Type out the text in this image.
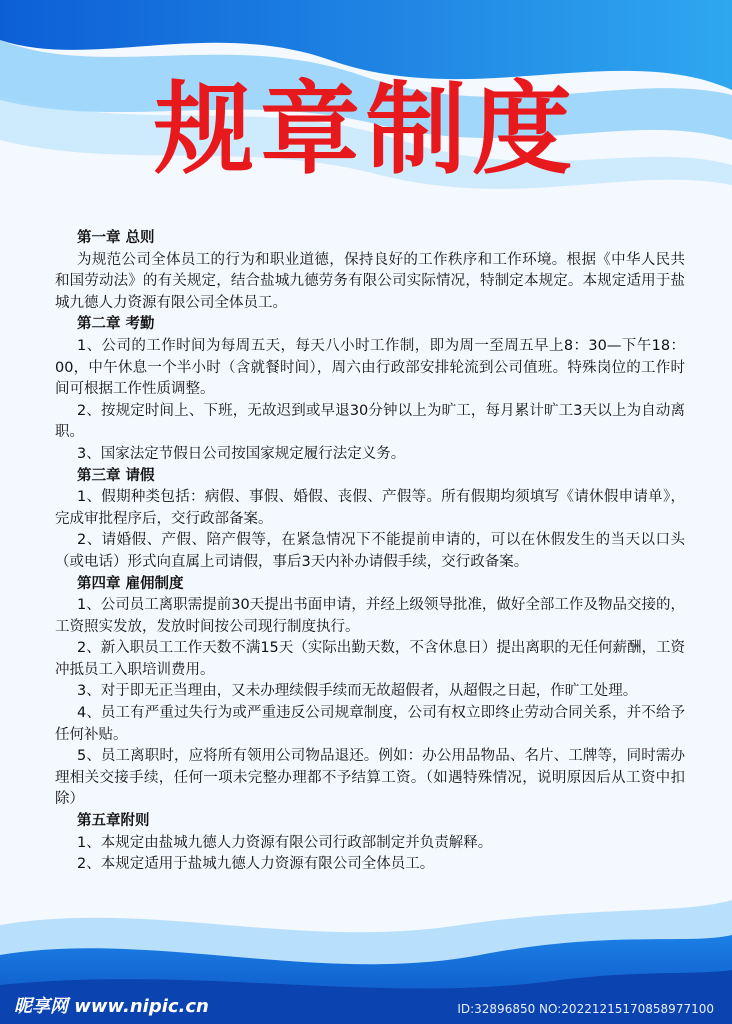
规章制度
第一章 总则
为规范公司全体员工的行为和职业道德，保持良好的工作秩序和工作环境。根据《中华人民共和国劳动法》的有关规定，结合盐城九德劳务有限公司实际情况，特制定本规定。本规定适用于盐城九德人力资源有限公司全体员工。
第二章 考勤
1、公司的工作时间为每周五天，每天八小时工作制，即为周一至周五早上8：30—下午18：00，中午休息一个半小时（含就餐时间），周六由行政部安排轮流到公司值班。特殊岗位的工作时间可根据工作性质调整。
2、按规定时间上、下班，无故迟到或早退30分钟以上为旷工，每月累计旷工3天以上为自动离职。
3、国家法定节假日公司按国家规定履行法定义务。
第三章 请假
1、假期种类包括：病假、事假、婚假、丧假、产假等。所有假期均须填写《请休假申请单》，完成审批程序后，交行政部备案。
2、请婚假、产假、陪产假等，在紧急情况下不能提前申请的，可以在休假发生的当天以口头（或电话）形式向直属上司请假，事后3天内补办请假手续，交行政备案。
第四章 雇佣制度
1、公司员工离职需提前30天提出书面申请，并经上级领导批准，做好全部工作及物品交接的，工资照实发放，发放时间按公司现行制度执行。
2、新入职员工工作天数不满15天（实际出勤天数，不含休息日）提出离职的无任何薪酬，工资冲抵员工入职培训费用。
3、对于即无正当理由，又未办理续假手续而无故超假者，从超假之日起，作旷工处理。
4、员工有严重过失行为或严重违反公司规章制度，公司有权立即终止劳动合同关系，并不给予任何补贴。
5、员工离职时，应将所有领用公司物品退还。例如：办公用品物品、名片、工牌等，同时需办理相关交接手续，任何一项未完整办理都不予结算工资。（如遇特殊情况，说明原因后从工资中扣除）
第五章附则
1、本规定由盐城九德人力资源有限公司行政部制定并负责解释。
2、本规定适用于盐城九德人力资源有限公司全体员工。
昵享网 www.nipic.cn	ID:32896850 NO:20221215170858977100
